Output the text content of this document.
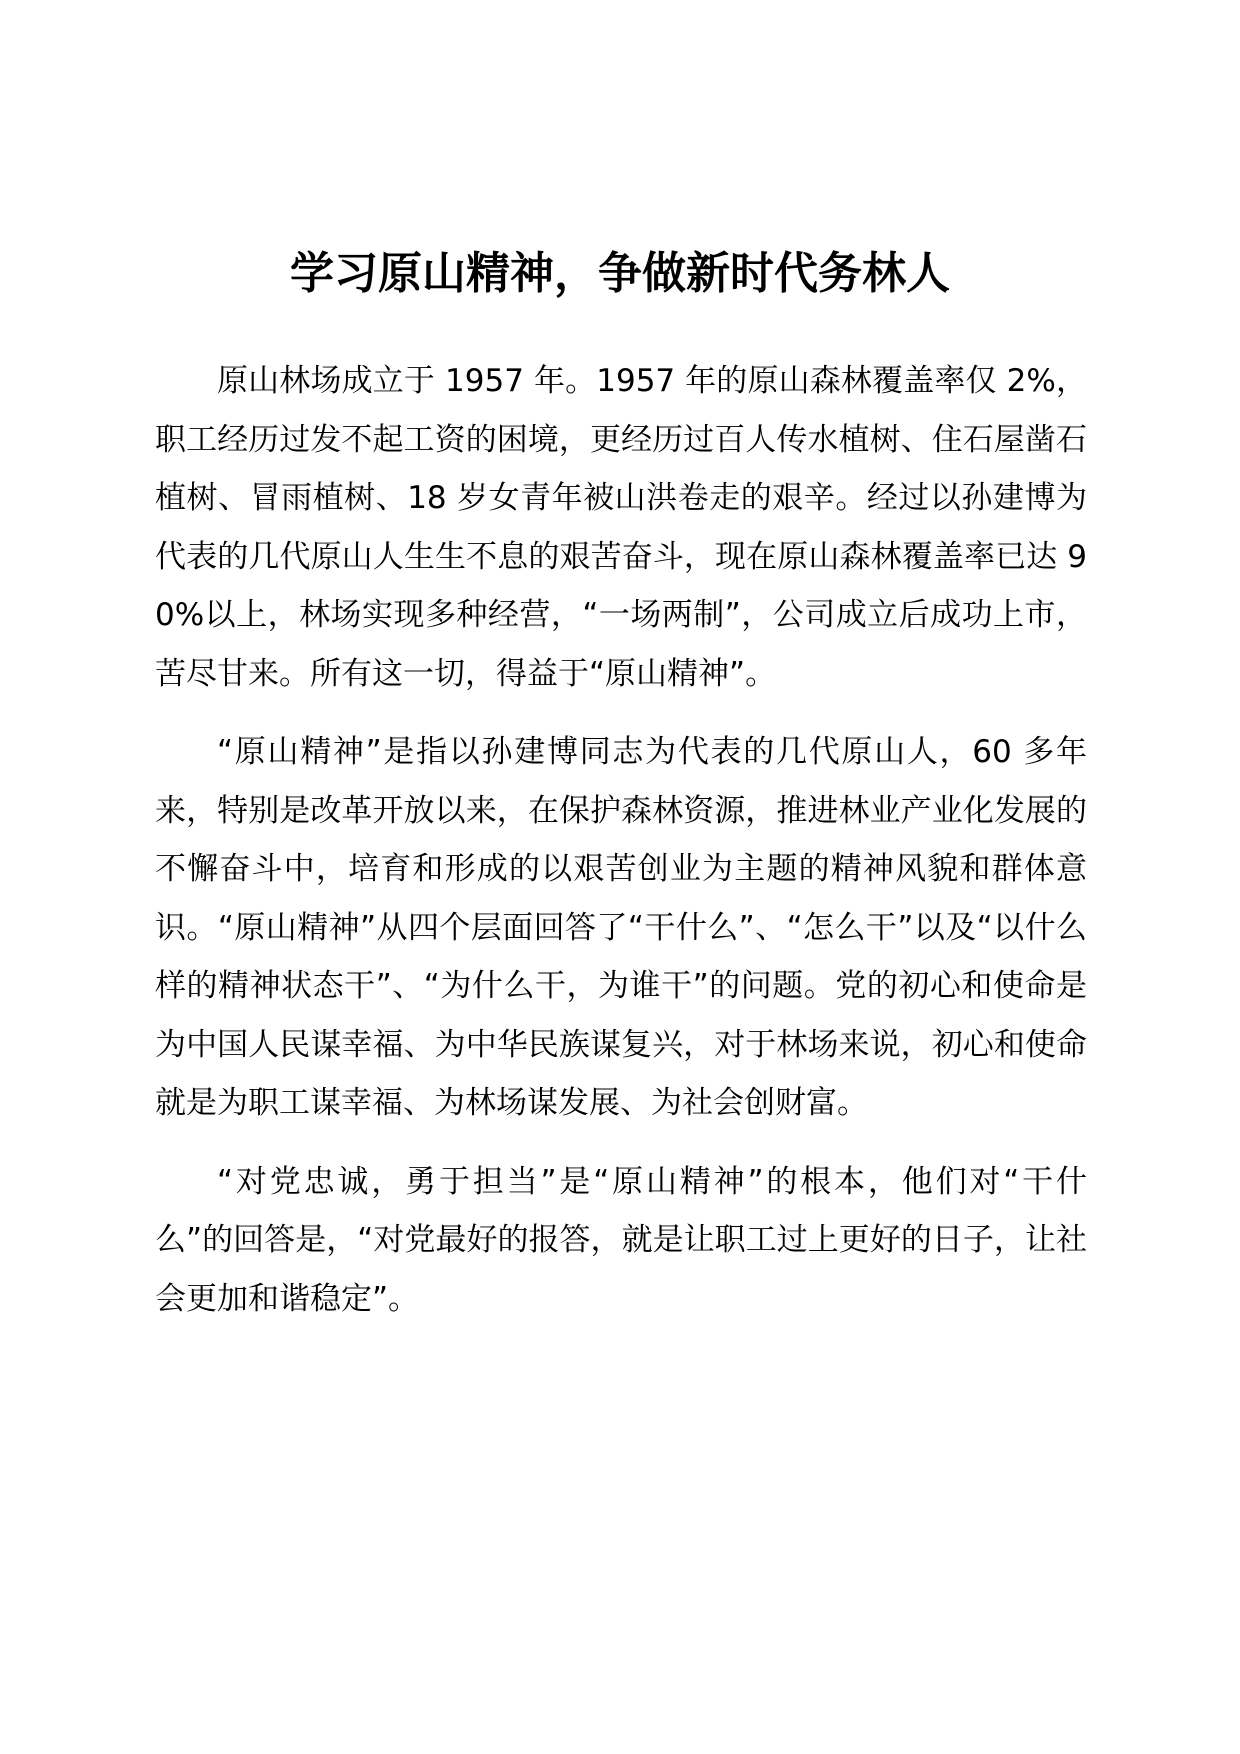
学习原山精神，争做新时代务林人

原山林场成立于 1957 年。1957 年的原山森林覆盖率仅 2%，职工经历过发不起工资的困境，更经历过百人传水植树、住石屋凿石植树、冒雨植树、18 岁女青年被山洪卷走的艰辛。经过以孙建博为代表的几代原山人生生不息的艰苦奋斗，现在原山森林覆盖率已达 90%以上，林场实现多种经营，“一场两制”，公司成立后成功上市，苦尽甘来。所有这一切，得益于“原山精神”。

“原山精神”是指以孙建博同志为代表的几代原山人，60 多年来，特别是改革开放以来，在保护森林资源，推进林业产业化发展的不懈奋斗中，培育和形成的以艰苦创业为主题的精神风貌和群体意识。“原山精神”从四个层面回答了“干什么”、“怎么干”以及“以什么样的精神状态干”、“为什么干，为谁干”的问题。党的初心和使命是为中国人民谋幸福、为中华民族谋复兴，对于林场来说，初心和使命就是为职工谋幸福、为林场谋发展、为社会创财富。

“对党忠诚，勇于担当”是“原山精神”的根本，他们对“干什么”的回答是，“对党最好的报答，就是让职工过上更好的日子，让社会更加和谐稳定”。
